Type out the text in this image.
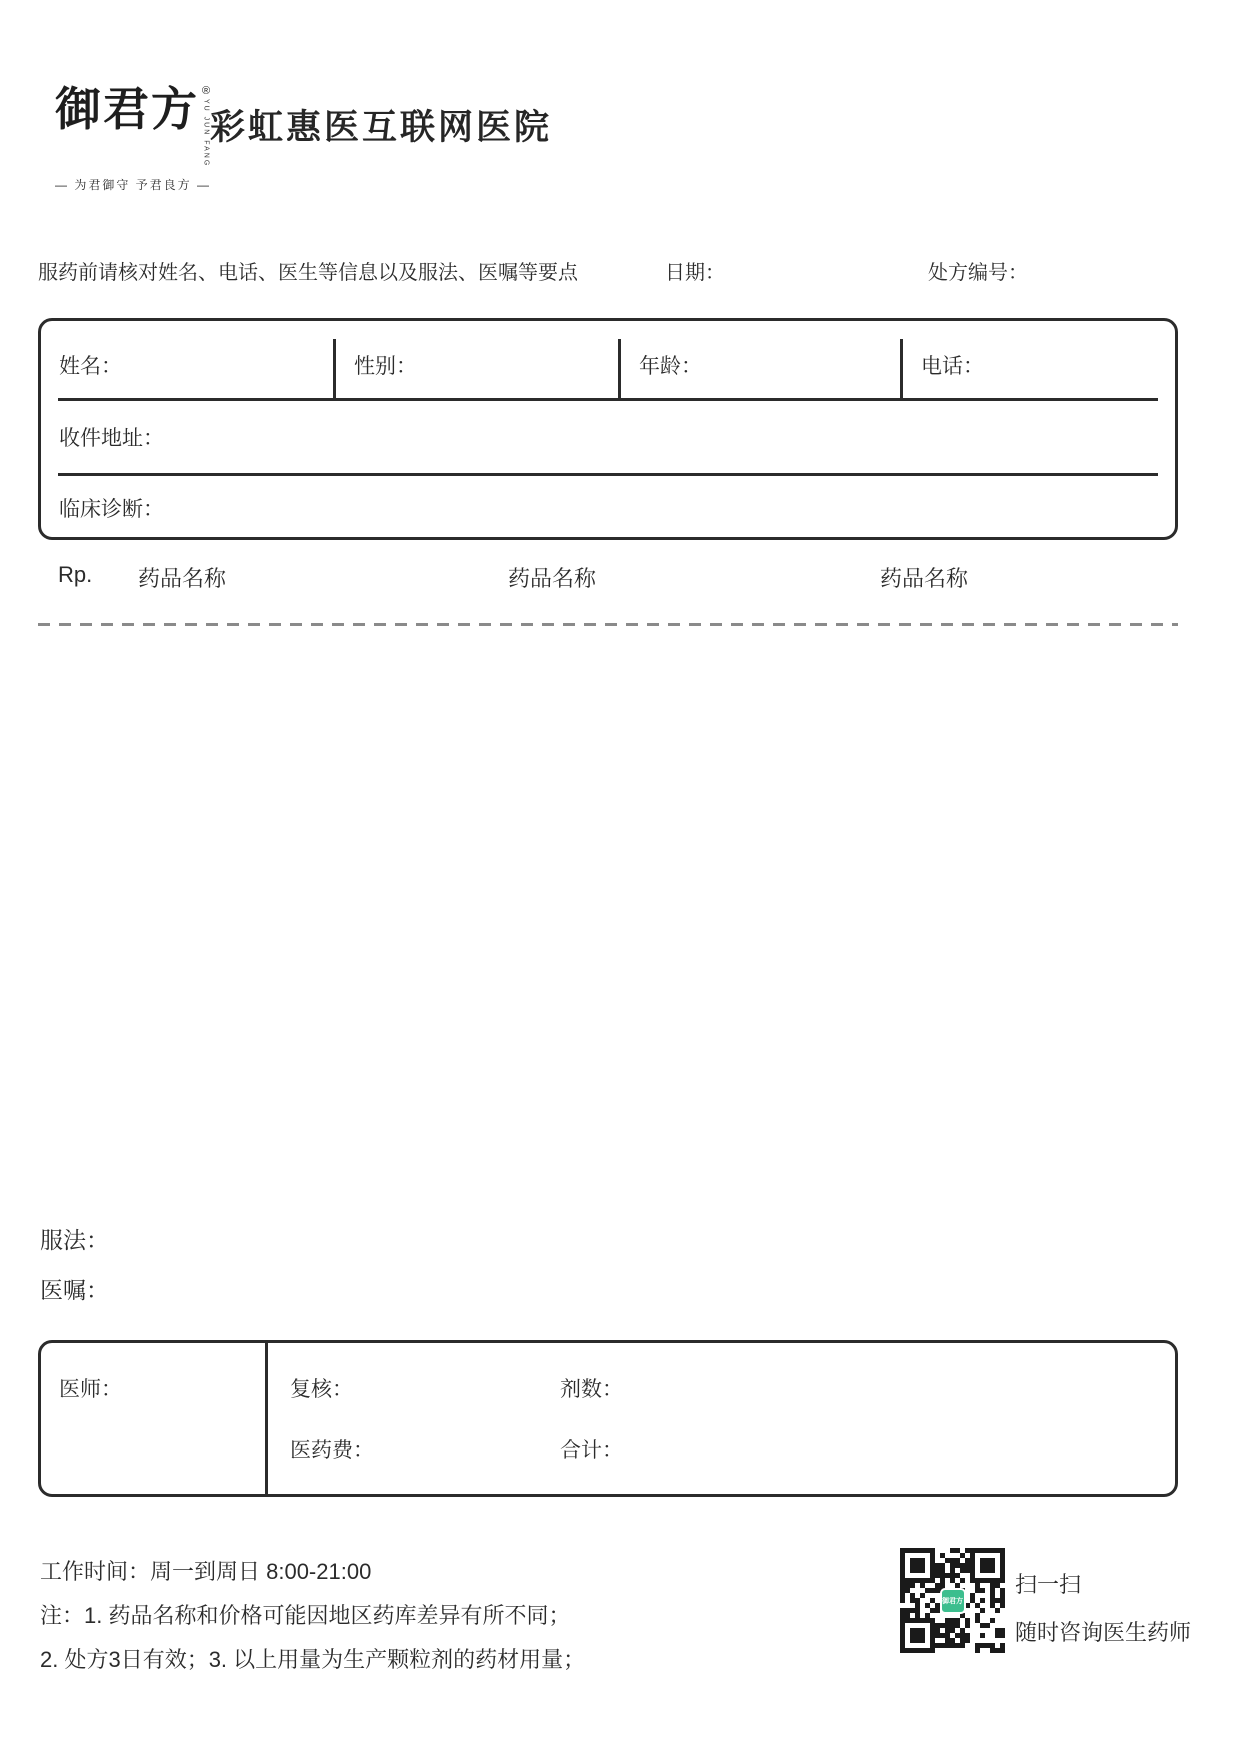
御君方 ®
YU JUN FANG
— 为君御守 予君良方 —
彩虹惠医互联网医院
服药前请核对姓名、电话、医生等信息以及服法、医嘱等要点	日期：	处方编号：
姓名：	性别：	年龄：	电话：
收件地址：
临床诊断：
Rp. 药品名称	药品名称	药品名称
服法：
医嘱：
医师：	复核：	剂数：
医药费：	合计：
工作时间：周一到周日 8:00-21:00
注：1. 药品名称和价格可能因地区药库差异有所不同；
2. 处方3日有效；3. 以上用量为生产颗粒剂的药材用量；
御君方
扫一扫
随时咨询医生药师
